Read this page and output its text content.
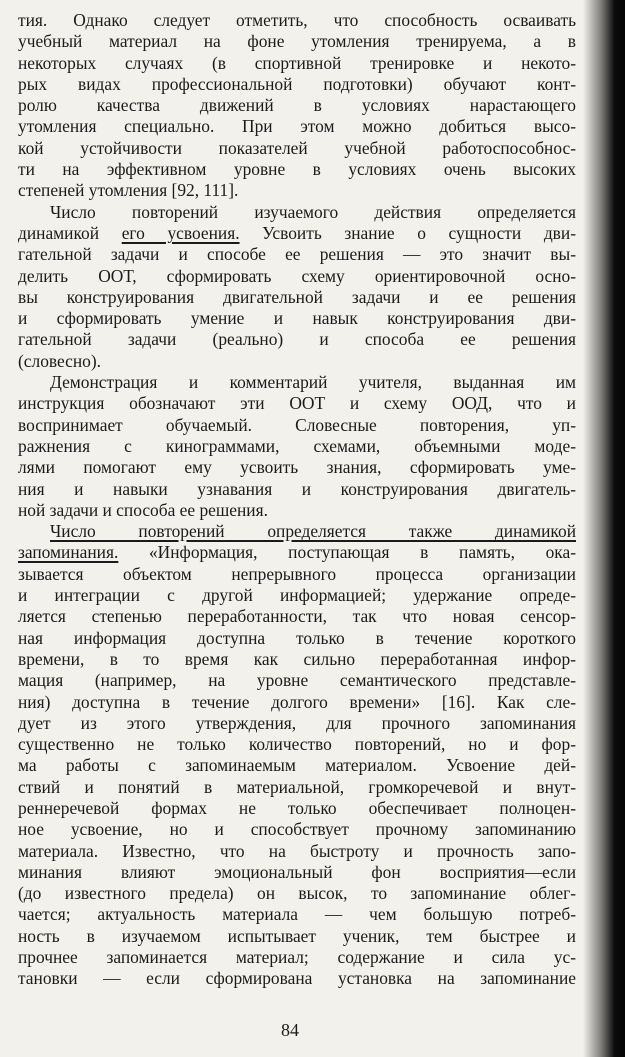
тия. Однако следует отметить, что способность осваивать
учебный материал на фоне утомления тренируема, а в
некоторых случаях (в спортивной тренировке и некото-
рых видах профессиональной подготовки) обучают конт-
ролю качества движений в условиях нарастающего
утомления специально. При этом можно добиться высо-
кой устойчивости показателей учебной работоспособнос-
ти на эффективном уровне в условиях очень высоких
степеней утомления [92, 111].
Число повторений изучаемого действия определяется
динамикой его усвоения. Усвоить знание о сущности дви-
гательной задачи и способе ее решения — это значит вы-
делить ООТ, сформировать схему ориентировочной осно-
вы конструирования двигательной задачи и ее решения
и сформировать умение и навык конструирования дви-
гательной задачи (реально) и способа ее решения
(словесно).
Демонстрация и комментарий учителя, выданная им
инструкция обозначают эти ООТ и схему ООД, что и
воспринимает обучаемый. Словесные повторения, уп-
ражнения с кинограммами, схемами, объемными моде-
лями помогают ему усвоить знания, сформировать уме-
ния и навыки узнавания и конструирования двигатель-
ной задачи и способа ее решения.
Число повторений определяется также динамикой
запоминания. «Информация, поступающая в память, ока-
зывается объектом непрерывного процесса организации
и интеграции с другой информацией; удержание опреде-
ляется степенью переработанности, так что новая сенсор-
ная информация доступна только в течение короткого
времени, в то время как сильно переработанная инфор-
мация (например, на уровне семантического представле-
ния) доступна в течение долгого времени» [16]. Как сле-
дует из этого утверждения, для прочного запоминания
существенно не только количество повторений, но и фор-
ма работы с запоминаемым материалом. Усвоение дей-
ствий и понятий в материальной, громкоречевой и внут-
реннеречевой формах не только обеспечивает полноцен-
ное усвоение, но и способствует прочному запоминанию
материала. Известно, что на быстроту и прочность запо-
минания влияют эмоциональный фон восприятия—если
(до известного предела) он высок, то запоминание облег-
чается; актуальность материала — чем большую потреб-
ность в изучаемом испытывает ученик, тем быстрее и
прочнее запоминается материал; содержание и сила ус-
тановки — если сформирована установка на запоминание
84
